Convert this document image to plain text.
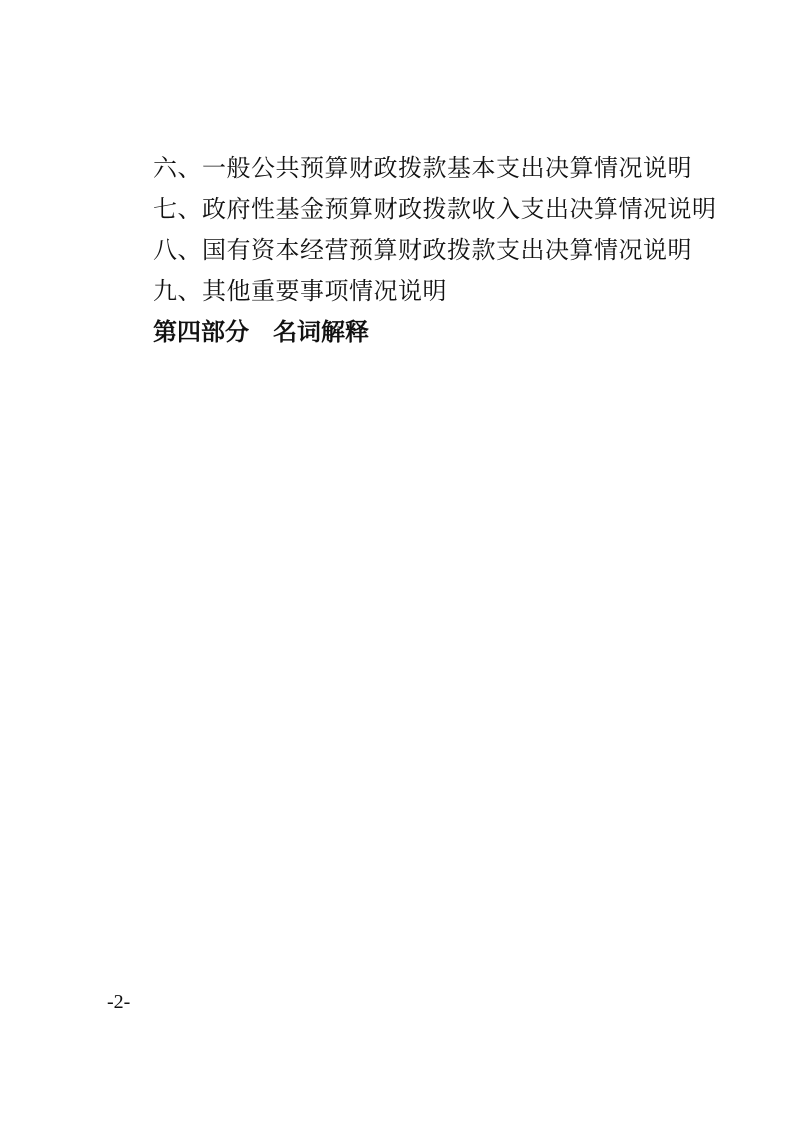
六、一般公共预算财政拨款基本支出决算情况说明
七、政府性基金预算财政拨款收入支出决算情况说明
八、国有资本经营预算财政拨款支出决算情况说明
九、其他重要事项情况说明
第四部分　名词解释
-2-
